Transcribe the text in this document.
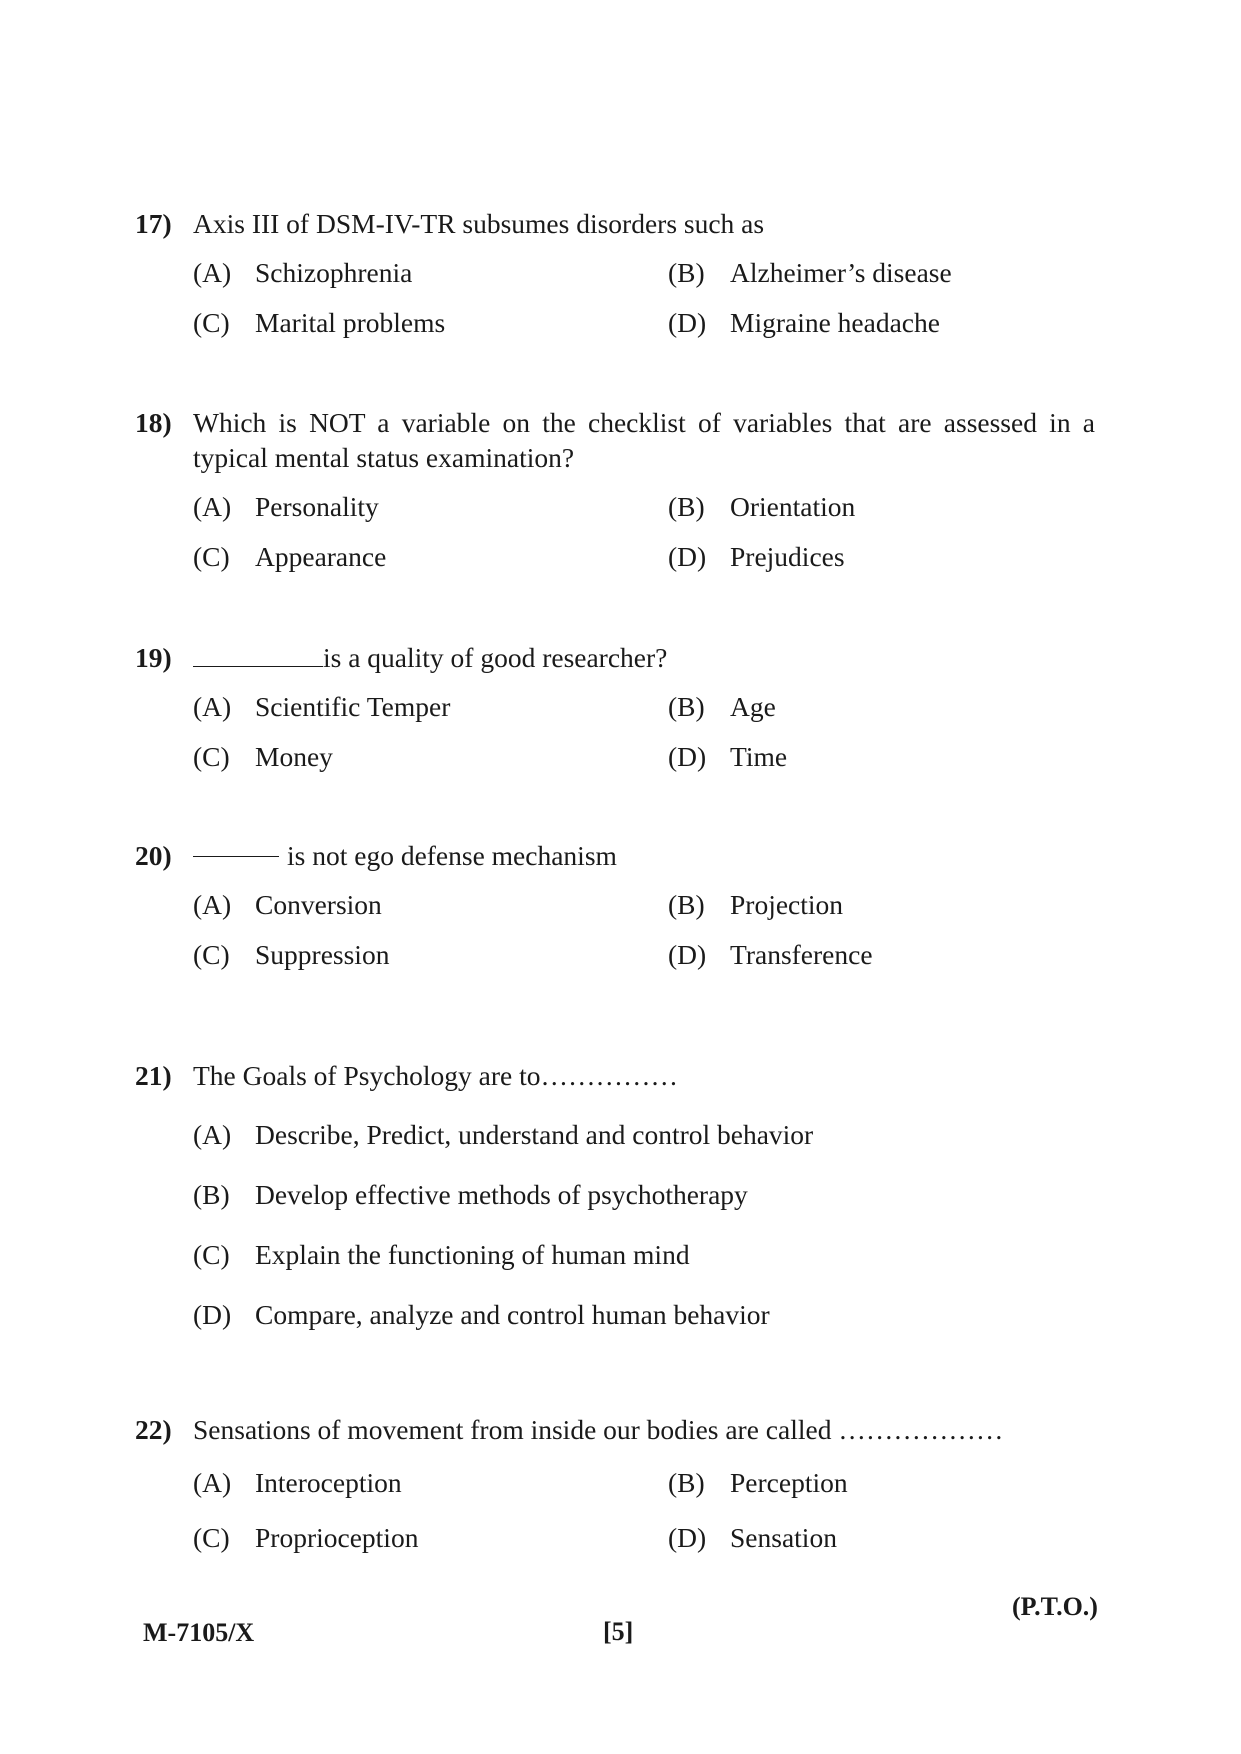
17) Axis III of DSM-IV-TR subsumes disorders such as
(A) Schizophrenia	(B) Alzheimer’s disease
(C) Marital problems	(D) Migraine headache
18) Which is NOT a variable on the checklist of variables that are assessed in a typical mental status examination?
(A) Personality	(B) Orientation
(C) Appearance	(D) Prejudices
19)	is a quality of good researcher?
(A) Scientific Temper	(B) Age
(C) Money	(D) Time
20)	is not ego defense mechanism
(A) Conversion	(B) Projection
(C) Suppression	(D) Transference
21) The Goals of Psychology are to……………
(A) Describe, Predict, understand and control behavior
(B) Develop effective methods of psychotherapy
(C) Explain the functioning of human mind
(D) Compare, analyze and control human behavior
22) Sensations of movement from inside our bodies are called ………………
(A) Interoception	(B) Perception
(C) Proprioception	(D) Sensation
(P.T.O.)
M-7105/X	[5]
